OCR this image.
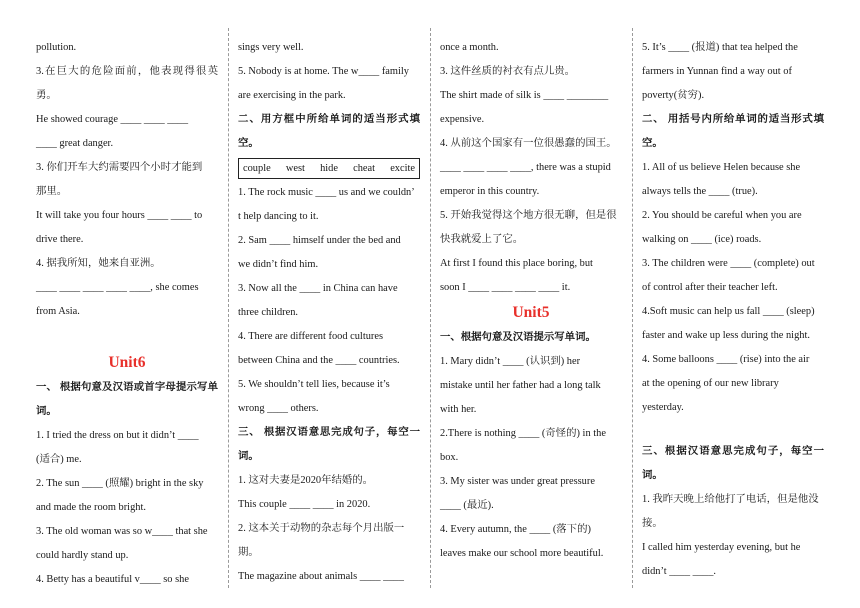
pollution.

3.在巨大的危险面前，他表现得很英勇。

He showed courage ____ ____ ____

____ great danger.

3. 你们开车大约需要四个小时才能到

那里。

It will take you four hours ____ ____ to

drive there.

4. 据我所知，她来自亚洲。

____ ____ ____ ____ ____, she comes

from Asia.

Unit6

一、 根据句意及汉语或首字母提示写单词。

1. I tried the dress on but it didn’t ____

(适合) me.

2. The sun ____ (照耀) bright in the sky

and made the room bright.

3. The old woman was so w____ that she

could hardly stand up.

4. Betty has a beautiful v____ so she

sings very well.

5. Nobody is at home. The w____ family

are exercising in the park.

二、用方框中所给单词的适当形式填空。

couple west hide cheat excite

1. The rock music ____ us and we couldn’

t help dancing to it.

2. Sam ____ himself under the bed and

we didn’t find him.

3. Now all the ____ in China can have

three children.

4. There are different food cultures

between China and the ____ countries.

5. We shouldn’t tell lies, because it’s

wrong ____ others.

三、 根据汉语意思完成句子，每空一词。

1. 这对夫妻是2020年结婚的。

This couple ____ ____ in 2020.

2. 这本关于动物的杂志每个月出版一

期。

The magazine about animals ____ ____

once a month.

3. 这件丝质的衬衣有点儿贵。

The shirt made of silk is ____ ________

expensive.

4. 从前这个国家有一位很愚蠢的国王。

____ ____ ____ ____, there was a stupid

emperor in this country.

5. 开始我觉得这个地方很无聊，但是很

快我就爱上了它。

At first I found this place boring, but

soon I ____ ____ ____ ____ it.

Unit5

一、根据句意及汉语提示写单词。

1. Mary didn’t ____ (认识到) her

mistake until her father had a long talk

with her.

2.There is nothing ____ (奇怪的) in the

box.

3. My sister was under great pressure

____ (最近).

4. Every autumn, the ____ (落下的)

leaves make our school more beautiful.

5. It’s ____ (报道) that tea helped the

farmers in Yunnan find a way out of

poverty(贫穷).

二、 用括号内所给单词的适当形式填空。

1. All of us believe Helen because she

always tells the ____ (true).

2. You should be careful when you are

walking on ____ (ice) roads.

3. The children were ____ (complete) out

of control after their teacher left.

4.Soft music can help us fall ____ (sleep)

faster and wake up less during the night.

4. Some balloons ____ (rise) into the air

at the opening of our new library

yesterday.

三、根据汉语意思完成句子，每空一词。

1. 我昨天晚上给他打了电话，但是他没

接。

I called him yesterday evening, but he

didn’t ____ ____.
